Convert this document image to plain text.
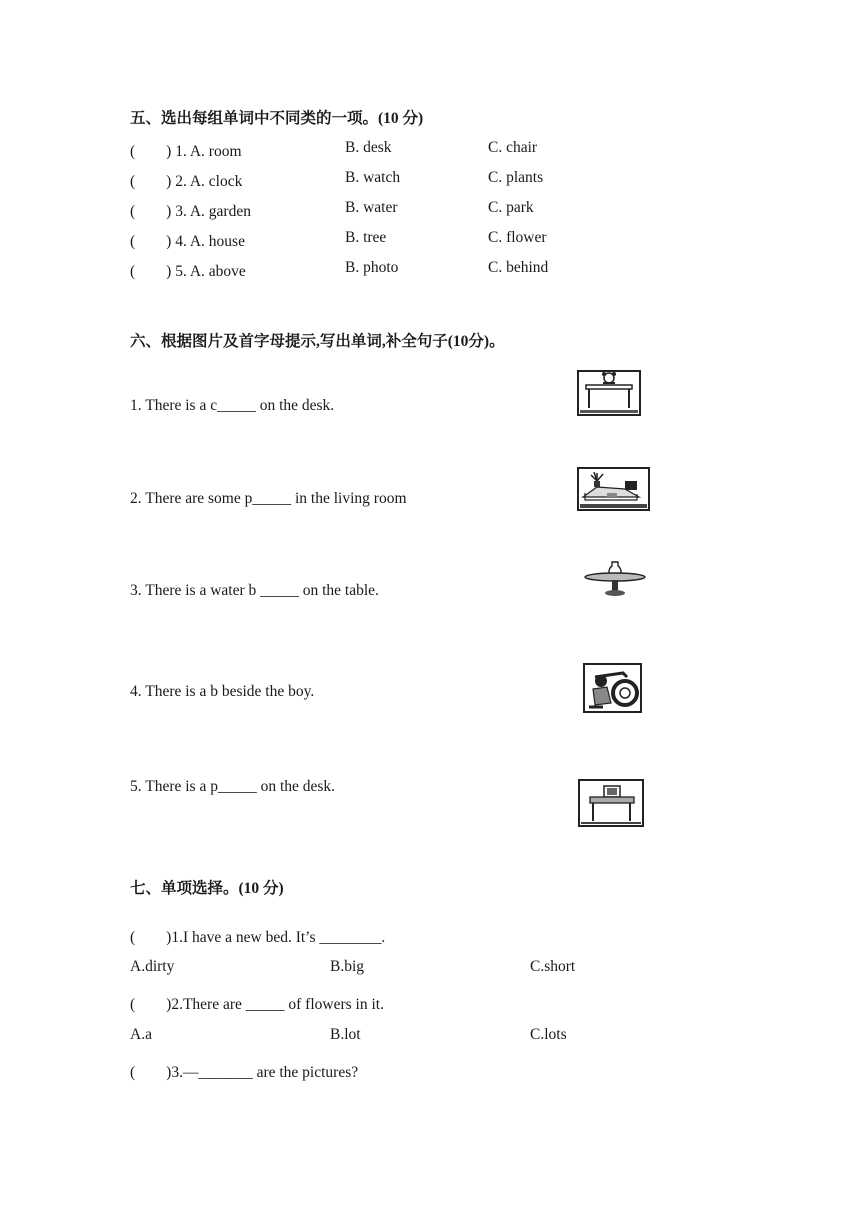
五、选出每组单词中不同类的一项。(10 分)
(　　) 1. A. room	B. desk	C. chair
(　　) 2. A. clock	B. watch	C. plants
(　　) 3. A. garden	B. water	C. park
(　　) 4. A. house	B. tree	C. flower
(　　) 5. A. above	B. photo	C. behind
六、根据图片及首字母提示,写出单词,补全句子(10分)。
1. There is a c_____ on the desk.
2. There are some p_____ in the living room
3. There is a water b _____ on the table.
4. There is a b beside the boy.
5. There is a p_____ on the desk.
七、单项选择。(10 分)
(　　)1.I have a new bed. It’s ________.
A.dirty	B.big	C.short
(　　)2.There are _____ of flowers in it.
A.a	B.lot	C.lots
(　　)3.—_______ are the pictures?
